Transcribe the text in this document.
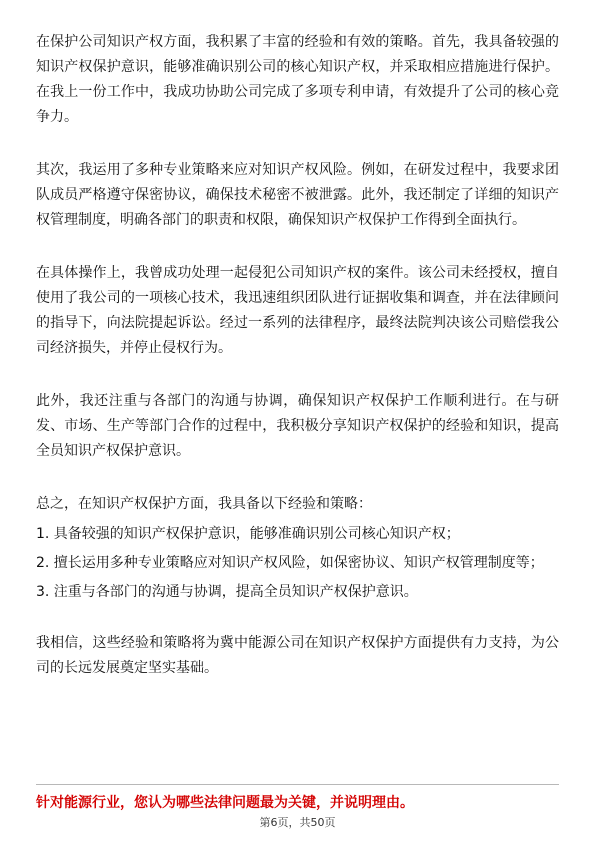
在保护公司知识产权方面，我积累了丰富的经验和有效的策略。首先，我具备较强的知识产权保护意识，能够准确识别公司的核心知识产权，并采取相应措施进行保护。在我上一份工作中，我成功协助公司完成了多项专利申请，有效提升了公司的核心竞争力。

其次，我运用了多种专业策略来应对知识产权风险。例如，在研发过程中，我要求团队成员严格遵守保密协议，确保技术秘密不被泄露。此外，我还制定了详细的知识产权管理制度，明确各部门的职责和权限，确保知识产权保护工作得到全面执行。

在具体操作上，我曾成功处理一起侵犯公司知识产权的案件。该公司未经授权，擅自使用了我公司的一项核心技术，我迅速组织团队进行证据收集和调查，并在法律顾问的指导下，向法院提起诉讼。经过一系列的法律程序，最终法院判决该公司赔偿我公司经济损失，并停止侵权行为。

此外，我还注重与各部门的沟通与协调，确保知识产权保护工作顺利进行。在与研发、市场、生产等部门合作的过程中，我积极分享知识产权保护的经验和知识，提高全员知识产权保护意识。

总之，在知识产权保护方面，我具备以下经验和策略：

1. 具备较强的知识产权保护意识，能够准确识别公司核心知识产权；

2. 擅长运用多种专业策略应对知识产权风险，如保密协议、知识产权管理制度等；

3. 注重与各部门的沟通与协调，提高全员知识产权保护意识。

我相信，这些经验和策略将为冀中能源公司在知识产权保护方面提供有力支持，为公司的长远发展奠定坚实基础。

针对能源行业，您认为哪些法律问题最为关键，并说明理由。
第6页，共50页
